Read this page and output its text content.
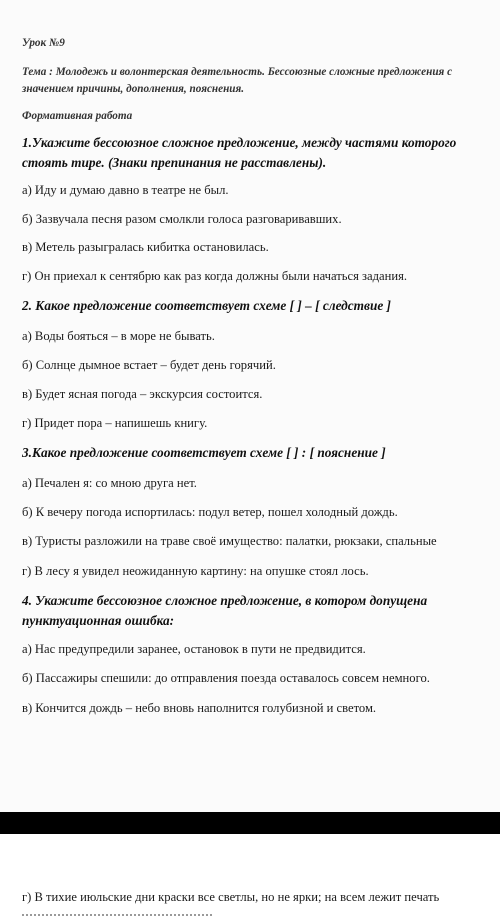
Урок №9
Тема : Молодежь и волонтерская деятельность. Бессоюзные сложные предложения с
значением причины, дополнения, пояснения.
Формативная работа
1.Укажите бессоюзное сложное предложение, между частями которого
стоять тире. (Знаки препинания не расставлены).
а) Иду и думаю давно в театре не был.
б) Зазвучала песня разом смолкли голоса разговаривавших.
в) Метель разыгралась кибитка остановилась.
г) Он приехал к сентябрю как раз когда должны были начаться задания.
2. Какое предложение соответствует схеме [ ] – [ следствие ]
а) Воды бояться – в море не бывать.
б) Солнце дымное встает – будет день горячий.
в) Будет ясная погода – экскурсия состоится.
г) Придет пора – напишешь книгу.
3.Какое предложение соответствует схеме [ ] : [ пояснение ]
а) Печален я: со мною друга нет.
б) К вечеру погода испортилась: подул ветер, пошел холодный дождь.
в) Туристы разложили на траве своё имущество: палатки, рюкзаки, спальные
г) В лесу я увидел неожиданную картину: на опушке стоял лось.
4. Укажите бессоюзное сложное предложение, в котором допущена
пунктуационная ошибка:
а) Нас предупредили заранее, остановок в пути не предвидится.
б) Пассажиры спешили: до отправления поезда оставалось совсем немного.
в) Кончится дождь – небо вновь наполнится голубизной и светом.
г) В тихие июльские дни краски все светлы, но не ярки; на всем лежит печать
